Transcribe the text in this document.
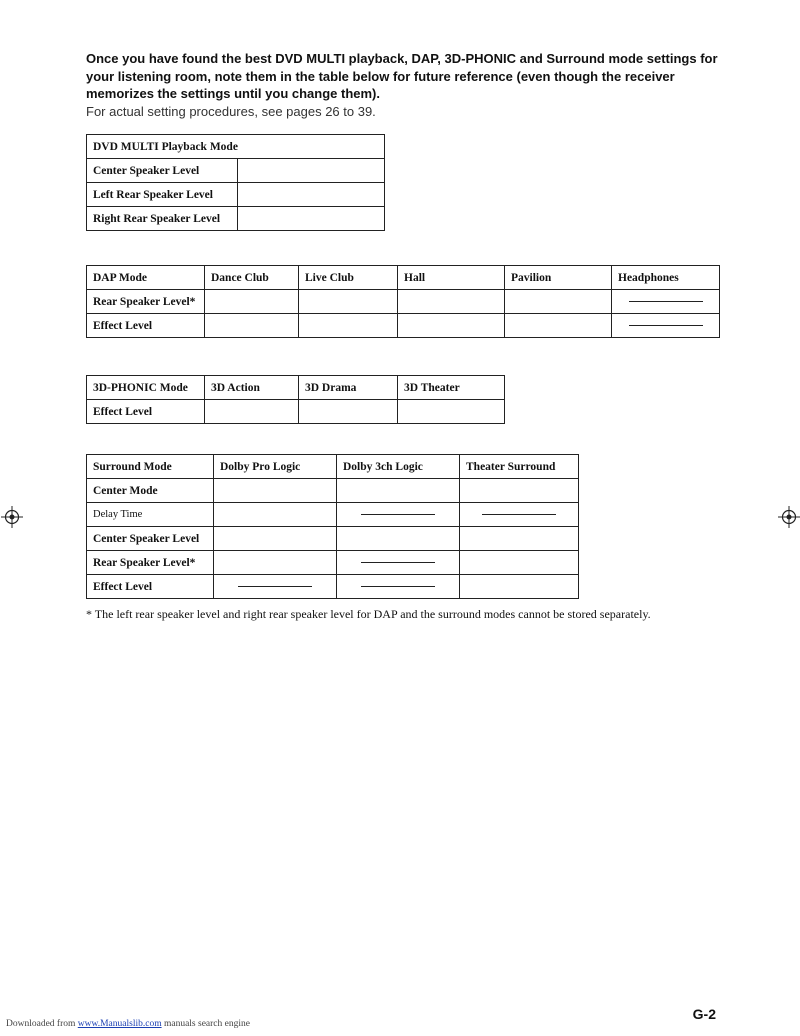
Once you have found the best DVD MULTI playback, DAP, 3D-PHONIC and Surround mode settings for your listening room, note them in the table below for future reference (even though the receiver memorizes the settings until you change them).
For actual setting procedures, see pages 26 to 39.
DVD MULTI Playback Mode	
Center Speaker Level	
Left Rear Speaker Level	
Right Rear Speaker Level	
DAP Mode	Dance Club	Live Club	Hall	Pavilion	Headphones
Rear Speaker Level*					

Effect Level					
3D-PHONIC Mode	3D Action	3D Drama	3D Theater
Effect Level			
Surround Mode	Dolby Pro Logic	Dolby 3ch Logic	Theater Surround
Center Mode			
Delay Time		

Center Speaker Level			
Rear Speaker Level*		

Effect Level	

* The left rear speaker level and right rear speaker level for DAP and the surround modes cannot be stored separately.
G-2
Downloaded from www.Manualslib.com manuals search engine
